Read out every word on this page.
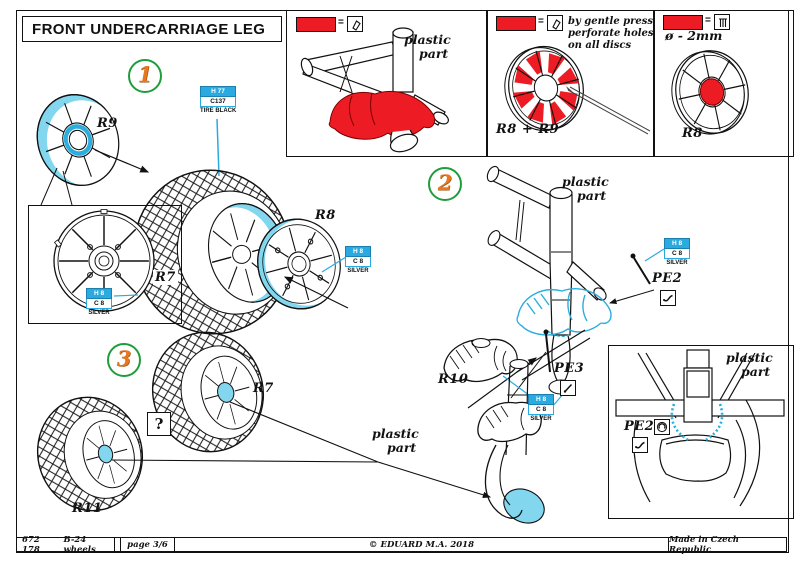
FRONT UNDERCARRIAGE LEG	=	=	=
plastic
part
by gentle press
perforate holes
on all discs
R8 + R9
ø - 2mm
R8
1
2
3
R9
H 77
C137
TIRE BLACK
R7
R8
H 8
C 8
SILVER
H 8
C 8
SILVER
plastic
part
H 8
C 8
SILVER
PE2
PE3
R10
H 8
C 8
SILVER
plastic
part
PE2
R7
?
R11
plastic
part
672 178
B-24 wheels	page 3/6	© EDUARD M.A. 2018	Made in Czech Republic
